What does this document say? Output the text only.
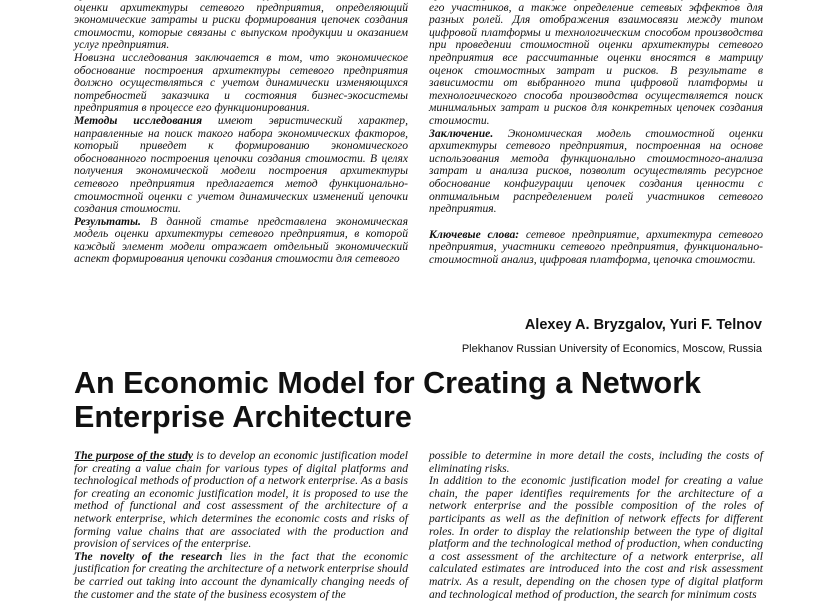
оценки архитектуры сетевого предприятия, определяющий экономические затраты и риски формирования цепочек создания стоимости, которые связаны с выпуском продукции и оказанием услуг предприятия.

Новизна исследования заключается в том, что экономическое обоснование построения архитектуры сетевого предприятия должно осуществляться с учетом динамически изменяющихся потребностей заказчика и состояния бизнес-экосистемы предприятия в процессе его функционирования.

Методы исследования имеют эвристический характер, направленные на поиск такого набора экономических факторов, который приведет к формированию экономического обоснованного построения цепочки создания стоимости. В целях получения экономической модели построения архитектуры сетевого предприятия предлагается метод функционально-стоимостной оценки с учетом динамических изменений цепочки создания стоимости.

Результаты. В данной статье представлена экономическая модель оценки архитектуры сетевого предприятия, в которой каждый элемент модели отражает отдельный экономический аспект формирования цепочки создания стоимости для сетевого

его участников, а также определение сетевых эффектов для разных ролей. Для отображения взаимосвязи между типом цифровой платформы и технологическим способом производства при проведении стоимостной оценки архитектуры сетевого предприятия все рассчитанные оценки вносятся в матрицу оценок стоимостных затрат и рисков. В результате в зависимости от выбранного типа цифровой платформы и технологического способа производства осуществляется поиск минимальных затрат и рисков для конкретных цепочек создания стоимости.

Заключение. Экономическая модель стоимостной оценки архитектуры сетевого предприятия, построенная на основе использования метода функционально стоимостного-анализа затрат и анализа рисков, позволит осуществлять ресурсное обоснование конфигурации цепочек создания ценности с оптимальным распределением ролей участников сетевого предприятия.

Ключевые слова: сетевое предприятие, архитектура сетевого предприятия, участники сетевого предприятия, функционально-стоимостной анализ, цифровая платформа, цепочка стоимости.

Alexey A. Bryzgalov, Yuri F. Telnov
Plekhanov Russian University of Economics, Moscow, Russia
An Economic Model for Creating a Network Enterprise Architecture

The purpose of the study is to develop an economic justification model for creating a value chain for various types of digital platforms and technological methods of production of a network enterprise. As a basis for creating an economic justification model, it is proposed to use the method of functional and cost assessment of the architecture of a network enterprise, which determines the economic costs and risks of forming value chains that are associated with the production and provision of services of the enterprise.

The novelty of the research lies in the fact that the economic justification for creating the architecture of a network enterprise should be carried out taking into account the dynamically changing needs of the customer and the state of the business ecosystem of the

possible to determine in more detail the costs, including the costs of eliminating risks.

In addition to the economic justification model for creating a value chain, the paper identifies requirements for the architecture of a network enterprise and the possible composition of the roles of participants as well as the definition of network effects for different roles. In order to display the relationship between the type of digital platform and the technological method of production, when conducting a cost assessment of the architecture of a network enterprise, all calculated estimates are introduced into the cost and risk assessment matrix. As a result, depending on the chosen type of digital platform and technological method of production, the search for minimum costs
